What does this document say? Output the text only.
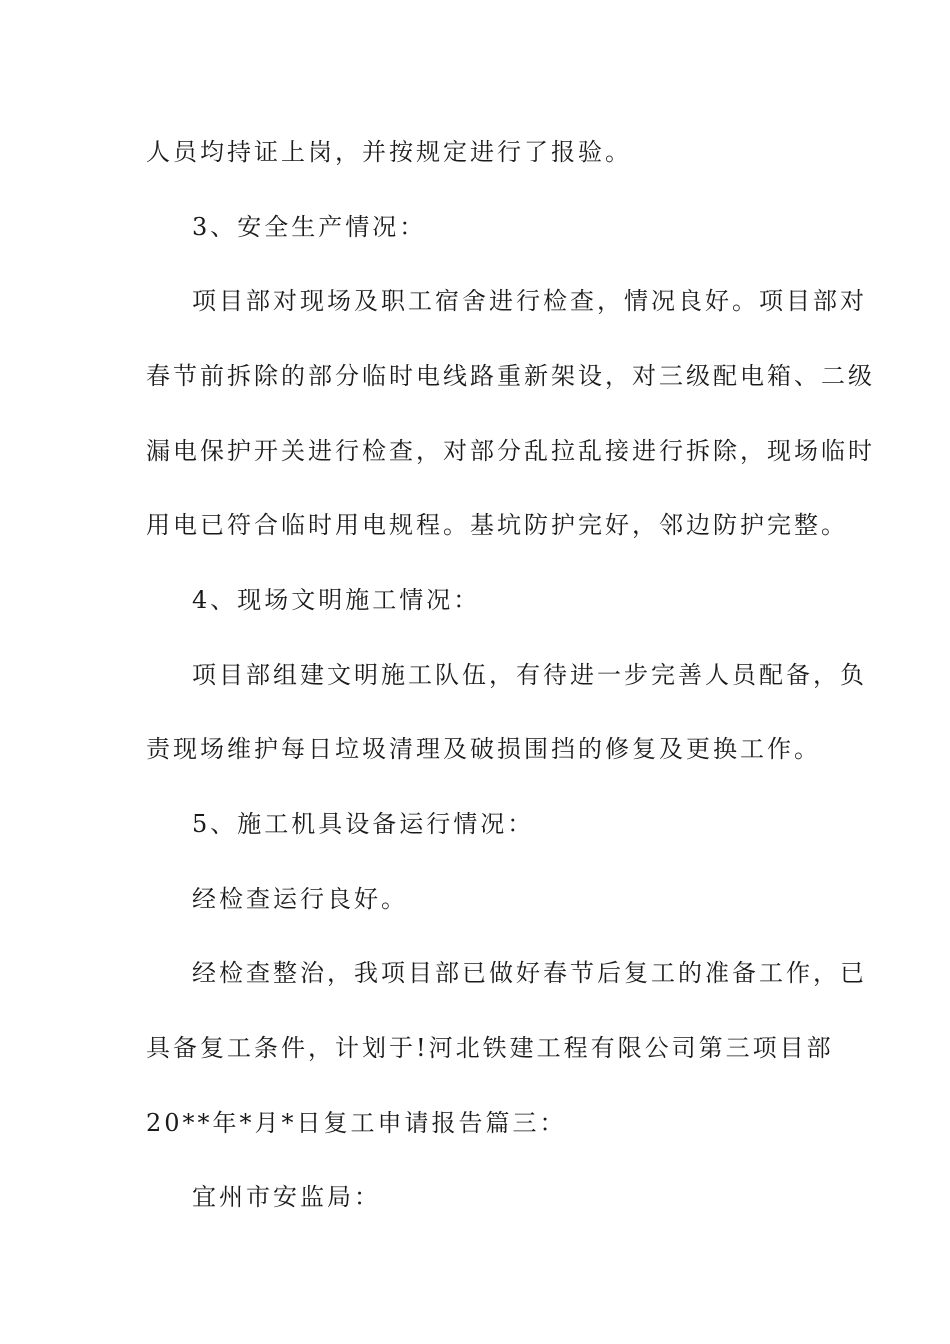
人员均持证上岗，并按规定进行了报验。
3、安全生产情况：
项目部对现场及职工宿舍进行检查，情况良好。项目部对
春节前拆除的部分临时电线路重新架设，对三级配电箱、二级
漏电保护开关进行检查，对部分乱拉乱接进行拆除，现场临时
用电已符合临时用电规程。基坑防护完好，邻边防护完整。
4、现场文明施工情况：
项目部组建文明施工队伍，有待进一步完善人员配备，负
责现场维护每日垃圾清理及破损围挡的修复及更换工作。
5、施工机具设备运行情况：
经检查运行良好。
经检查整治，我项目部已做好春节后复工的准备工作，已
具备复工条件，计划于!河北铁建工程有限公司第三项目部
20**年*月*日复工申请报告篇三：
宜州市安监局：
